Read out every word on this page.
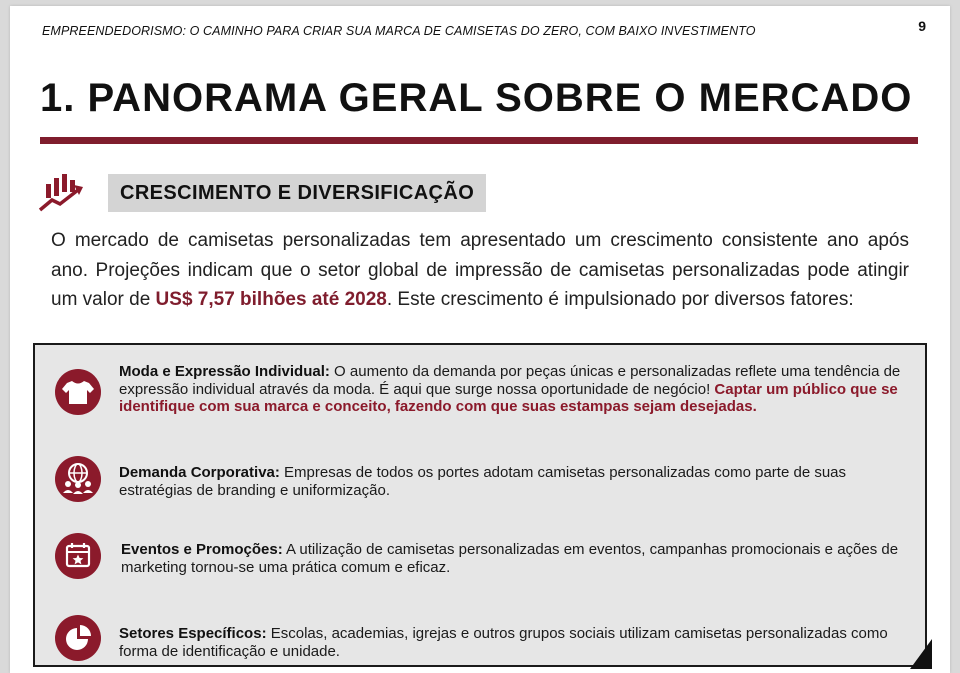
EMPREENDEDORISMO: O CAMINHO PARA CRIAR SUA MARCA DE CAMISETAS DO ZERO, COM BAIXO INVESTIMENTO	9
1. PANORAMA GERAL SOBRE O MERCADO
CRESCIMENTO E DIVERSIFICAÇÃO

O mercado de camisetas personalizadas tem apresentado um crescimento consistente ano após ano. Projeções indicam que o setor global de impressão de camisetas personalizadas pode atingir um valor de US$ 7,57 bilhões até 2028. Este crescimento é impulsionado por diversos fatores:

Moda e Expressão Individual: O aumento da demanda por peças únicas e personalizadas reflete uma tendência de expressão individual através da moda. É aqui que surge nossa oportunidade de negócio! Captar um público que se identifique com sua marca e conceito, fazendo com que suas estampas sejam desejadas.
Demanda Corporativa: Empresas de todos os portes adotam camisetas personalizadas como parte de suas estratégias de branding e uniformização.
Eventos e Promoções: A utilização de camisetas personalizadas em eventos, campanhas promocionais e ações de marketing tornou-se uma prática comum e eficaz.
Setores Específicos: Escolas, academias, igrejas e outros grupos sociais utilizam camisetas personalizadas como forma de identificação e unidade.
